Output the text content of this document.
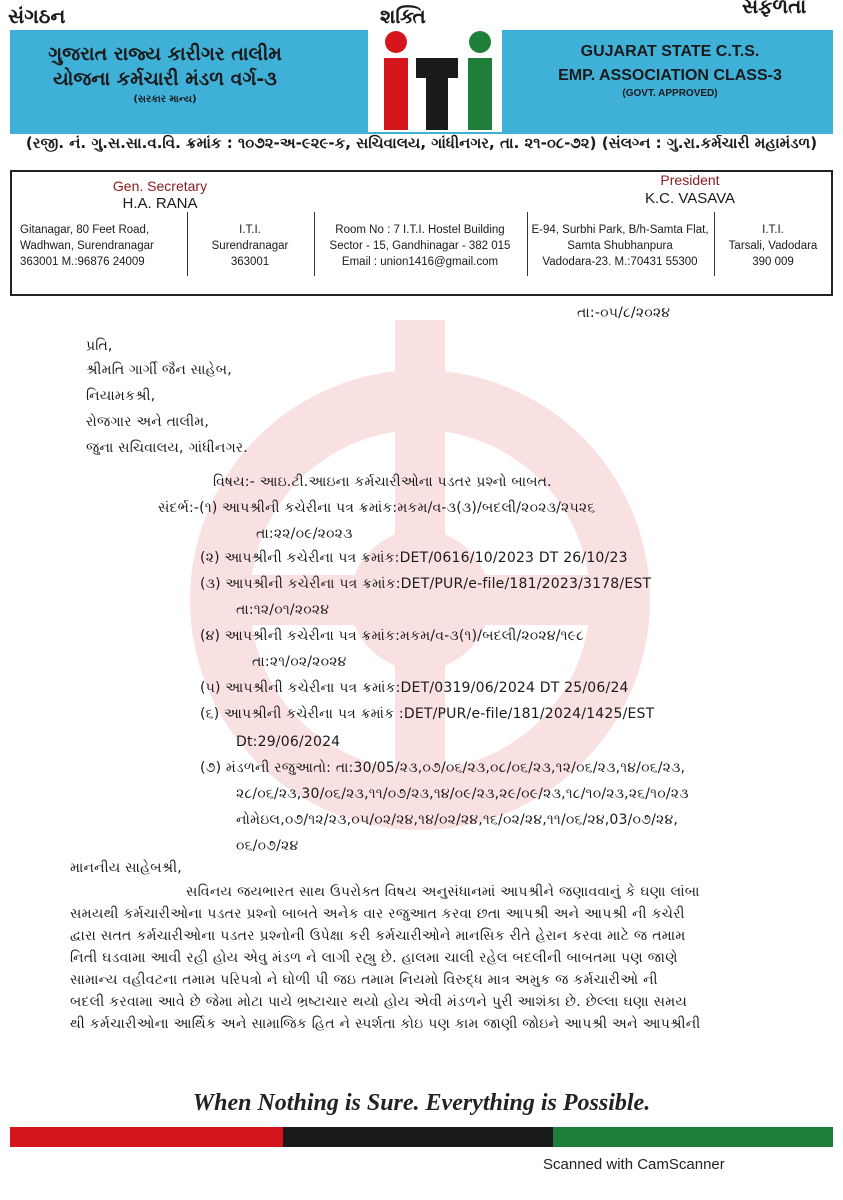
સંગઠન	શક્તિ	સફળતા
ગુજરાત રાજ્ય કારીગર તાલીમ
યોજના કર્મચારી મંડળ વર્ગ-૩
(સરકાર માન્ય)
GUJARAT STATE C.T.S.
EMP. ASSOCIATION CLASS-3
(GOVT. APPROVED)
(રજી. નં. ગુ.સ.સા.વ.વિ. ક્રમાંક : ૧૦૭૨-અ-૯૨૯-ક, સચિવાલય, ગાંધીનગર, તા. ૨૧-૦૮-૭૨) (સંલગ્ન : ગુ.રા.કર્મચારી મહામંડળ)
Gen. Secretary
H.A. RANA
President
K.C. VASAVA
Gitanagar, 80 Feet Road,
Wadhwan, Surendranagar
363001 M.:96876 24009
I.T.I.
Surendranagar
363001
Room No : 7 I.T.I. Hostel Building
Sector - 15, Gandhinagar - 382 015
Email : union1416@gmail.com
E-94, Surbhi Park, B/h-Samta Flat,
Samta Shubhanpura
Vadodara-23. M.:70431 55300
I.T.I.
Tarsali, Vadodara
390 009
તા:-૦૫/૮/૨૦૨૪
પ્રતિ,
શ્રીમતિ ગાર્ગી જૈન સાહેબ,
નિયામકશ્રી,
રોજગાર અને તાલીમ,
જુના સચિવાલય, ગાંધીનગર.
વિષય:- આઇ.ટી.આઇના કર્મચારીઓના પડતર પ્રશ્નો બાબત.
સંદર્ભ:-(૧) આપશ્રીની કચેરીના પત્ર ક્રમાંક:મકમ/વ-૩(૩)/બદલી/૨૦૨૩/૨૫૨૬
તા:૨૨/૦૯/૨૦૨૩
(૨) આપશ્રીની કચેરીના પત્ર ક્રમાંક:DET/0616/10/2023 DT 26/10/23
(૩) આપશ્રીની કચેરીના પત્ર ક્રમાંક:DET/PUR/e-file/181/2023/3178/EST
તા:૧૨/૦૧/૨૦૨૪
(૪) આપશ્રીની કચેરીના પત્ર ક્રમાંક:મકમ/વ-૩(૧)/બદલી/૨૦૨૪/૧૯૮
તા:૨૧/૦૨/૨૦૨૪
(૫) આપશ્રીની કચેરીના પત્ર ક્રમાંક:DET/0319/06/2024 DT 25/06/24
(૬) આપશ્રીની કચેરીના પત્ર ક્રમાંક :DET/PUR/e-file/181/2024/1425/EST
Dt:29/06/2024
(૭) મંડળની રજુઆતો: તા:30/05/૨૩,૦૭/૦૬/૨૩,૦૮/૦૬/૨૩,૧૨/૦૬/૨૩,૧૪/૦૬/૨૩,
૨૮/૦૬/૨૩,30/૦૬/૨૩,૧૧/૦૭/૨૩,૧૪/૦૯/૨૩,૨૯/૦૯/૨૩,૧૮/૧૦/૨૩,૨૬/૧૦/૨૩
નોમેઇલ,૦૭/૧૨/૨૩,૦૫/૦૨/૨૪,૧૪/૦૨/૨૪,૧૬/૦૨/૨૪,૧૧/૦૬/૨૪,03/૦૭/૨૪,
૦૬/૦૭/૨૪
માનનીય સાહેબશ્રી,
સવિનય જયભારત સાથ ઉપરોક્ત વિષય અનુસંધાનમાં આપશ્રીને જણાવવાનું કે ઘણા લાંબા
સમયથી કર્મચારીઓના પડતર પ્રશ્નો બાબતે અનેક વાર રજુઆત કરવા છતા આપશ્રી અને આપશ્રી ની કચેરી
દ્વારા સતત કર્મચારીઓના પડતર પ્રશ્નોની ઉપેક્ષા કરી કર્મચારીઓને માનસિક રીતે હેરાન કરવા માટે જ તમામ
નિતી ઘડવામા આવી રહી હોય એવુ મંડળ ને લાગી રહ્યુ છે. હાલમા ચાલી રહેલ બદલીની બાબતમા પણ જાણે
સામાન્ય વહીવટના તમામ પરિપત્રો ને ઘોળી પી જઇ તમામ નિયમો વિરુદ્ધ માત્ર અમુક જ કર્મચારીઓ ની
બદલી કરવામા આવે છે જેમા મોટા પાયે ભ્રષ્ટાચાર થયો હોય એવી મંડળને પુરી આશંકા છે. છેલ્લા ઘણા સમય
થી કર્મચારીઓના આર્થિક અને સામાજિક હિત ને સ્પર્શતા કોઇ પણ કામ જાણી જોઇને આપશ્રી અને આપશ્રીની
When Nothing is Sure. Everything is Possible.
Scanned with CamScanner
